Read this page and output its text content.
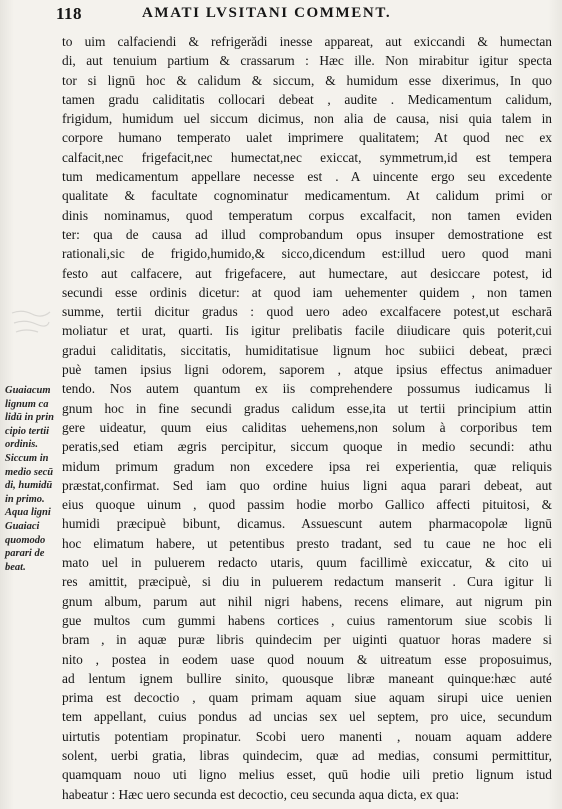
118	AMATI LVSITANI COMMENT.
Guaiacum
lignum ca
lidū in prin
cipio tertii
ordinis.
Siccum in
medio secū
di, humidū
in primo.
Aqua ligni
Guaiaci
quomodo
parari de
beat.
to uim calfaciendi & refrigerădi inesse appareat, aut exiccandi & humectan
di, aut tenuium partium & crassarum : Hæc ille. Non mirabitur igitur specta
tor si lignū hoc & calidum & siccum, & humidum esse dixerimus, In quo
tamen gradu caliditatis collocari debeat , audite . Medicamentum calidum,
frigidum, humidum uel siccum dicimus, non alia de causa, nisi quia talem in
corpore humano temperato ualet imprimere qualitatem; At quod nec ex
calfacit,nec frigefacit,nec humectat,nec exiccat, symmetrum,id est tempera
tum medicamentum appellare necesse est . A uincente ergo seu excedente
qualitate & facultate cognominatur medicamentum. At calidum primi or
dinis nominamus, quod temperatum corpus excalfacit, non tamen eviden
ter: qua de causa ad illud comprobandum opus insuper demostratione est
rationali,sic de frigido,humido,& sicco,dicendum est:illud uero quod mani
festo aut calfacere, aut frigefacere, aut humectare, aut desiccare potest, id
secundi esse ordinis dicetur: at quod iam uehementer quidem , non tamen
summe, tertii dicitur gradus : quod uero adeo excalfacere potest,ut escharā
moliatur et urat, quarti. Iis igitur prelibatis facile diiudicare quis poterit,cui
gradui caliditatis, siccitatis, humiditatisue lignum hoc subiici debeat, præci
puè tamen ipsius ligni odorem, saporem , atque ipsius effectus animaduer
tendo. Nos autem quantum ex iis comprehendere possumus iudicamus li
gnum hoc in fine secundi gradus calidum esse,ita ut tertii principium attin
gere uideatur, quum eius caliditas uehemens,non solum à corporibus tem
peratis,sed etiam ægris percipitur, siccum quoque in medio secundi: athu
midum primum gradum non excedere ipsa rei experientia, quæ reliquis
præstat,confirmat. Sed iam quo ordine huius ligni aqua parari debeat, aut
eius quoque uinum , quod passim hodie morbo Gallico affecti pituitosi, &
humidi præcipuè bibunt, dicamus. Assuescunt autem pharmacopolæ lignū
hoc elimatum habere, ut petentibus presto tradant, sed tu caue ne hoc eli
mato uel in puluerem redacto utaris, quum facillimè exiccatur, & cito ui
res amittit, præcipuè, si diu in puluerem redactum manserit . Cura igitur li
gnum album, parum aut nihil nigri habens, recens elimare, aut nigrum pin
gue multos cum gummi habens cortices , cuius ramentorum siue scobis li
bram , in aquæ puræ libris quindecim per uiginti quatuor horas madere si
nito , postea in eodem uase quod nouum & uitreatum esse proposuimus,
ad lentum ignem bullire sinito, quousque libræ maneant quinque:hæc auté
prima est decoctio , quam primam aquam siue aquam sirupi uice uenien
tem appellant, cuius pondus ad uncias sex uel septem, pro uice, secundum
uirtutis potentiam propinatur. Scobi uero manenti , nouam aquam addere
solent, uerbi gratia, libras quindecim, quæ ad medias, consumi permittitur,
quamquam nouo uti ligno melius esset, quū hodie uili pretio lignum istud
habeatur : Hæc uero secunda est decoctio, ceu secunda aqua dicta, ex qua:
